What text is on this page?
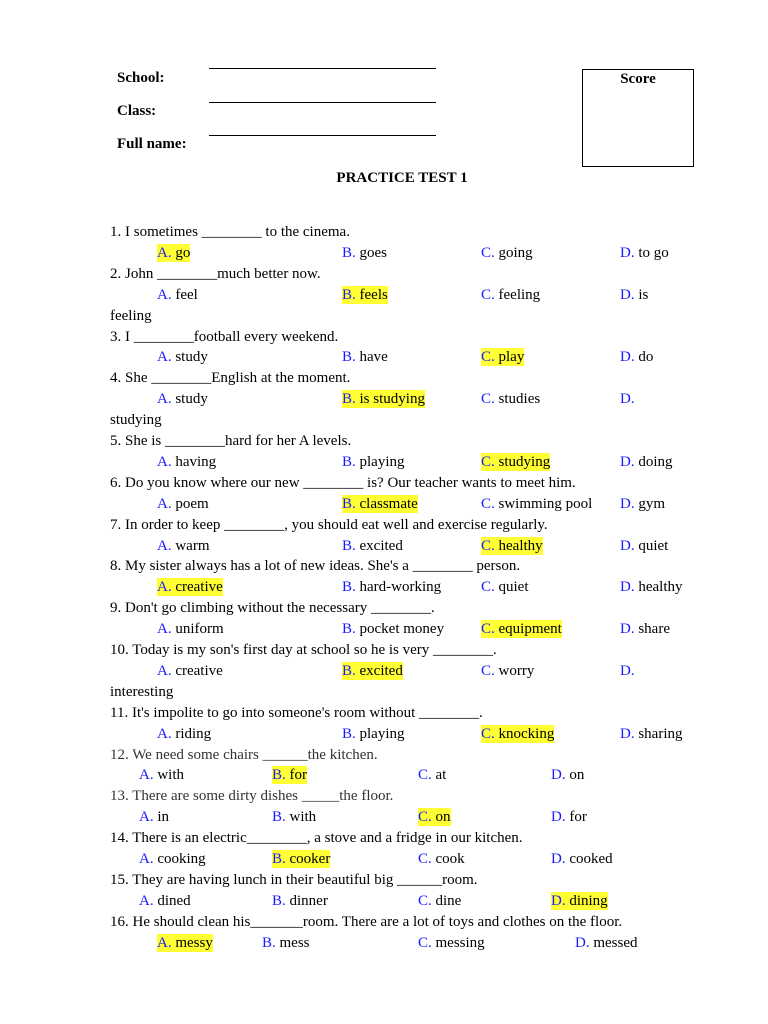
School:
Class:
Full name:
Score
PRACTICE TEST 1
1. I sometimes ________ to the cinema.
A. go	B. goes	C. going	D. to go
2. John ________much better now.
A. feel	B. feels	C. feeling	D. is
feeling
3. I ________football every weekend.
A. study	B. have	C. play	D. do
4. She ________English at the moment.
A. study	B. is studying	C. studies	D.
studying
5. She is ________hard for her A levels.
A. having	B. playing	C. studying	D. doing
6. Do you know where our new ________ is? Our teacher wants to meet him.
A. poem	B. classmate	C. swimming pool D. gym
7. In order to keep ________, you should eat well and exercise regularly.
A. warm	B. excited	C. healthy	D. quiet
8. My sister always has a lot of new ideas. She's a ________ person.
A. creative	B. hard-working	C. quiet	D. healthy
9. Don't go climbing without the necessary ________.
A. uniform	B. pocket money C. equipment	D. share
10. Today is my son's first day at school so he is very ________.
A. creative	B. excited	C. worry	D.
interesting
11. It's impolite to go into someone's room without ________.
A. riding	B. playing	C. knocking	D. sharing
12. We need some chairs ______the kitchen.
A. with	B. for	C. at	D. on
13. There are some dirty dishes _____the floor.
A. in	B. with	C. on	D. for
14. There is an electric________, a stove and a fridge in our kitchen.
A. cooking	B. cooker	C. cook	D. cooked
15. They are having lunch in their beautiful big ______room.
A. dined	B. dinner	C. dine	D. dining
16. He should clean his_______room. There are a lot of toys and clothes on the floor.
A. messy	B. mess	C. messing	D. messed
